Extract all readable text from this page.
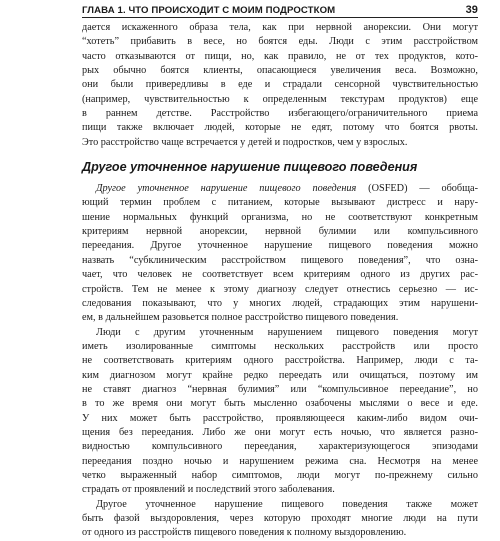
ГЛАВА 1. ЧТО ПРОИСХОДИТ С МОИМ ПОДРОСТКОМ	39
дается искаженного образа тела, как при нервной анорексии. Они могут
“хотеть” прибавить в весе, но боятся еды. Люди с этим расстройством
часто отказываются от пищи, но, как правило, не от тех продуктов, кото-
рых обычно боятся клиенты, опасающиеся увеличения веса. Возможно,
они были привередливы в еде и страдали сенсорной чувствительностью
(например, чувствительностью к определенным текстурам продуктов) еще
в раннем детстве. Расстройство избегающего/ограничительного приема
пищи также включает людей, которые не едят, потому что боятся рвоты.
Это расстройство чаще встречается у детей и подростков, чем у взрослых.
Другое уточненное нарушение пищевого поведения
Другое уточненное нарушение пищевого поведения (OSFED) — обобща-
ющий термин проблем с питанием, которые вызывают дистресс и нару-
шение нормальных функций организма, но не соответствуют конкретным
критериям нервной анорексии, нервной булимии или компульсивного
переедания. Другое уточненное нарушение пищевого поведения можно
назвать “субклиническим расстройством пищевого поведения”, что озна-
чает, что человек не соответствует всем критериям одного из других рас-
стройств. Тем не менее к этому диагнозу следует отнестись серьезно — ис-
следования показывают, что у многих людей, страдающих этим нарушени-
ем, в дальнейшем разовьется полное расстройство пищевого поведения.
Люди с другим уточненным нарушением пищевого поведения могут
иметь изолированные симптомы нескольких расстройств или просто
не соответствовать критериям одного расстройства. Например, люди с та-
ким диагнозом могут крайне редко переедать или очищаться, поэтому им
не ставят диагноз “нервная булимия” или “компульсивное переедание”, но
в то же время они могут быть мысленно озабочены мыслями о весе и еде.
У них может быть расстройство, проявляющееся каким-либо видом очи-
щения без переедания. Либо же они могут есть ночью, что является разно-
видностью компульсивного переедания, характеризующегося эпизодами
переедания поздно ночью и нарушением режима сна. Несмотря на менее
четко выраженный набор симптомов, люди могут по-прежнему сильно
страдать от проявлений и последствий этого заболевания.
Другое уточненное нарушение пищевого поведения также может
быть фазой выздоровления, через которую проходят многие люди на пути
от одного из расстройств пищевого поведения к полному выздоровлению.
